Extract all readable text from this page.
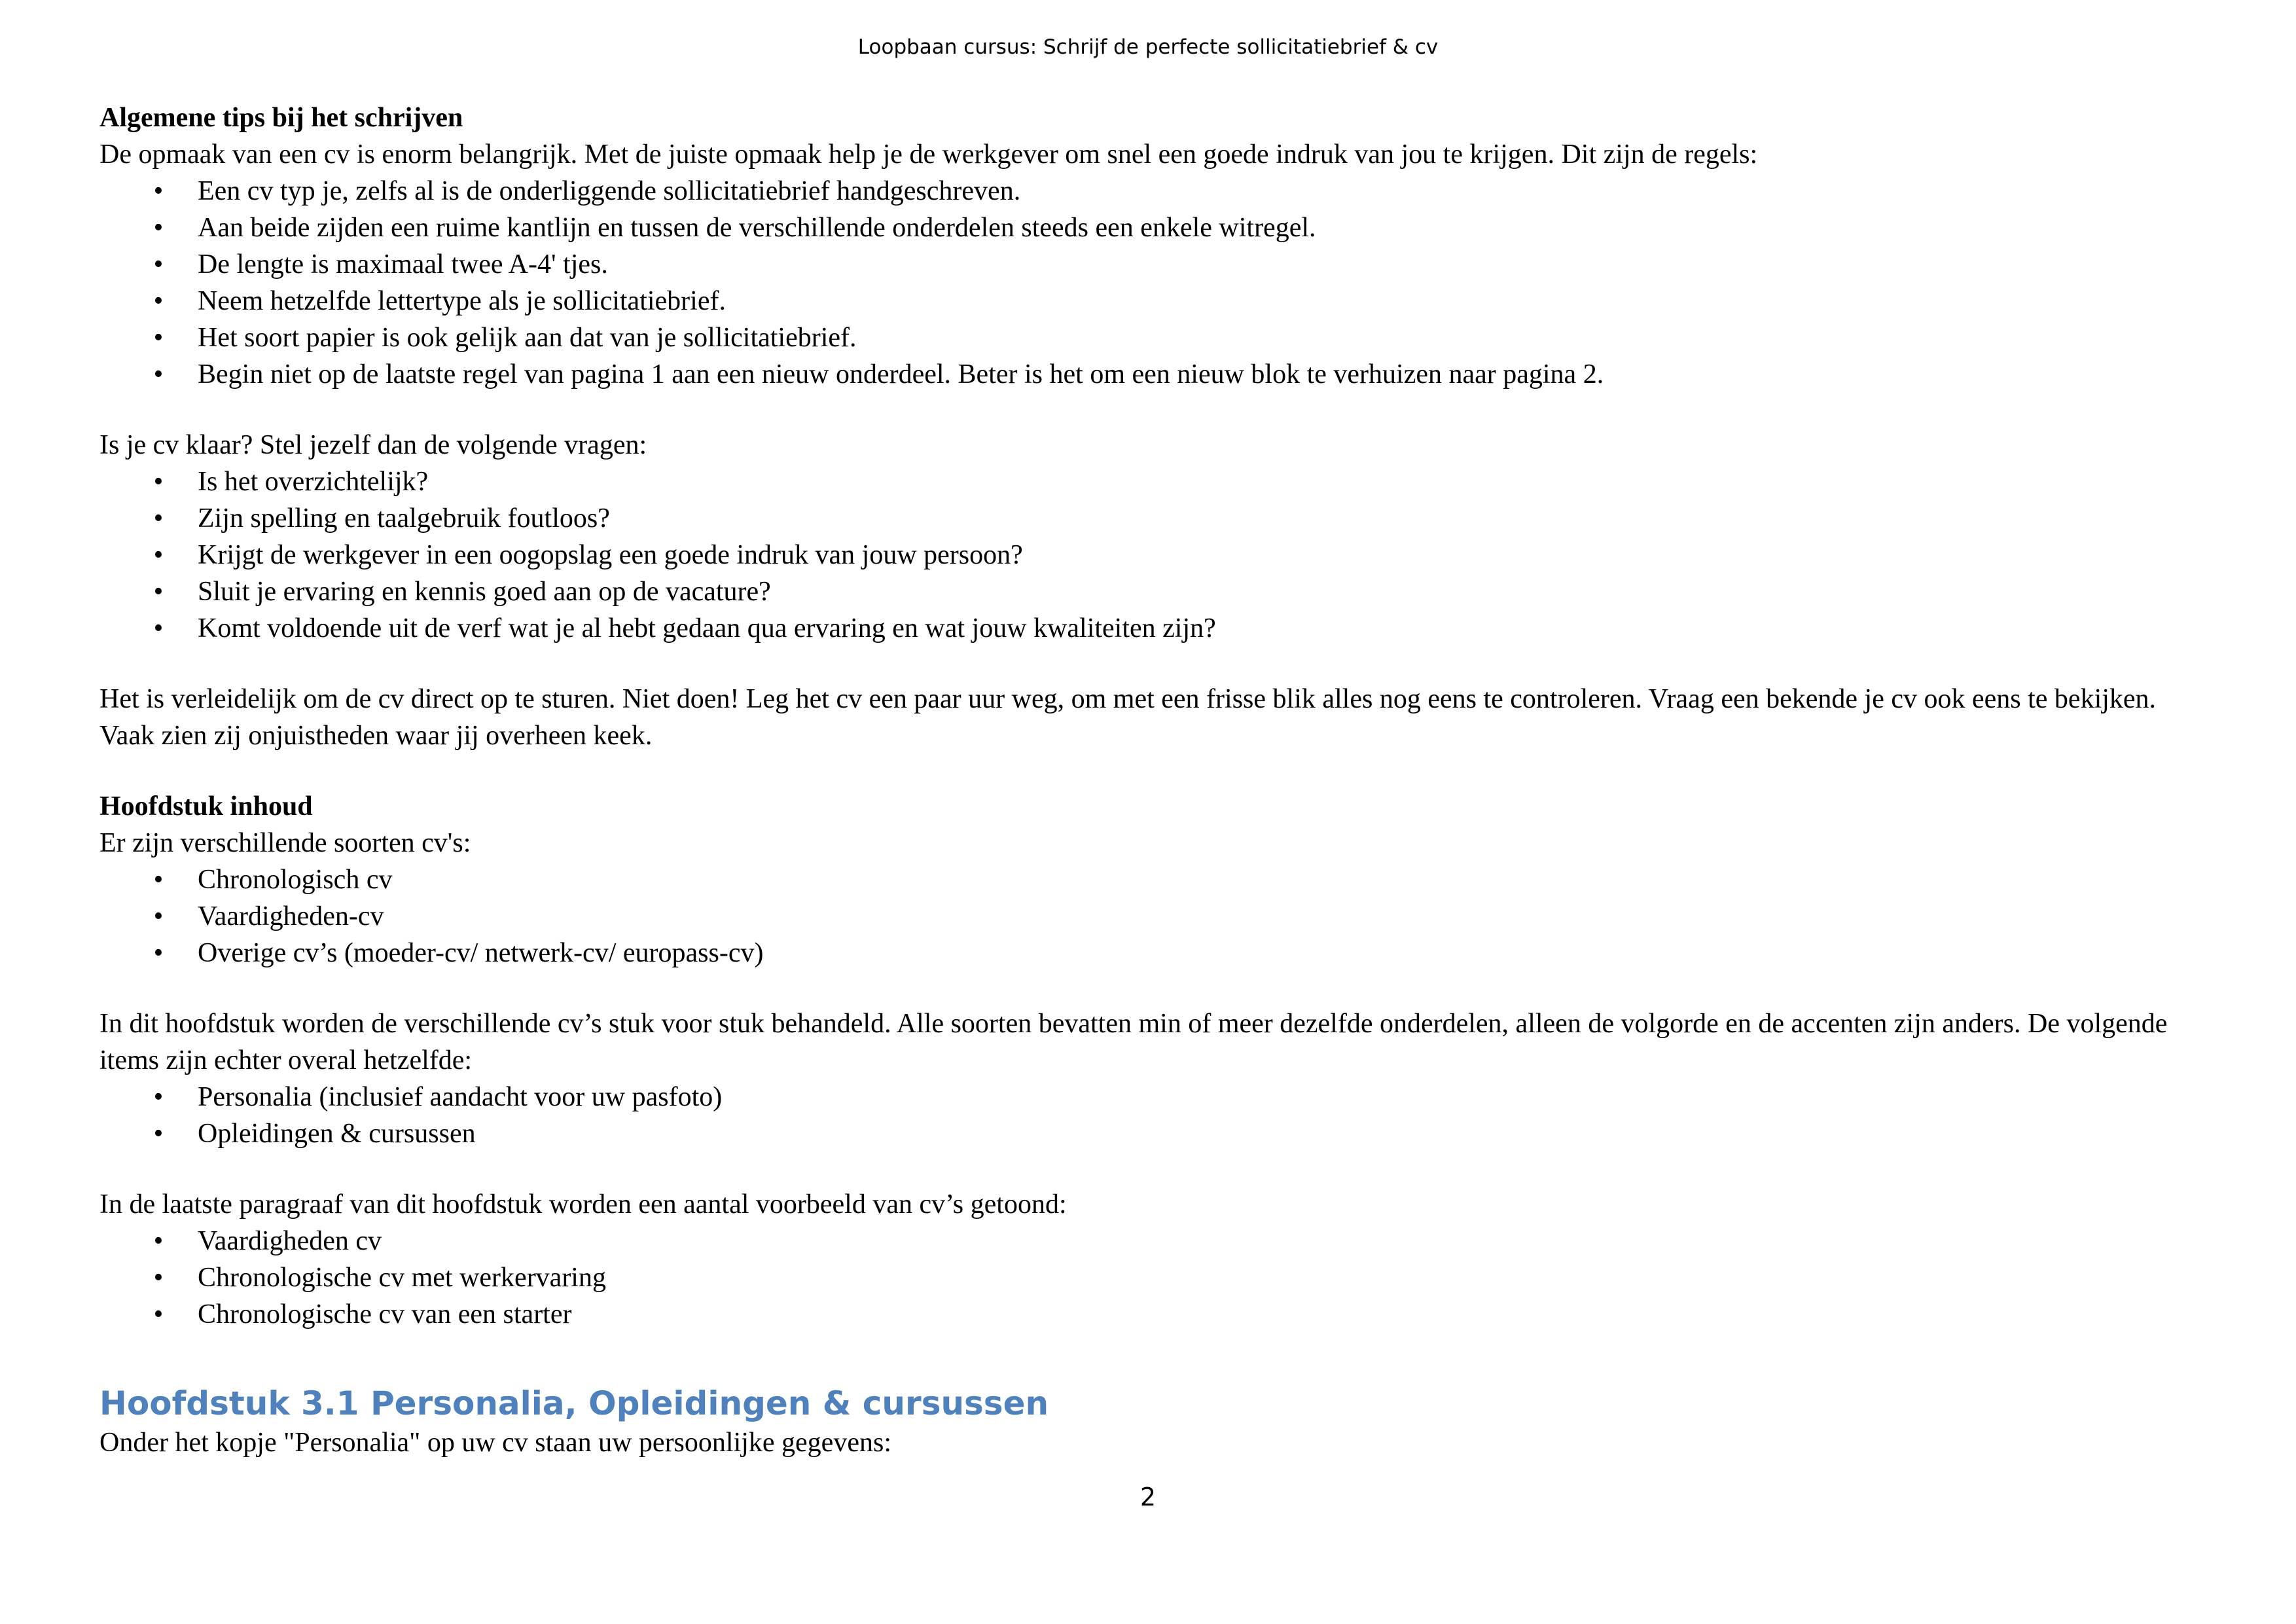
Loopbaan cursus: Schrijf de perfecte sollicitatiebrief & cv
Algemene tips bij het schrijven

De opmaak van een cv is enorm belangrijk. Met de juiste opmaak help je de werkgever om snel een goede indruk van jou te krijgen. Dit zijn de regels:

• Een cv typ je, zelfs al is de onderliggende sollicitatiebrief handgeschreven.
• Aan beide zijden een ruime kantlijn en tussen de verschillende onderdelen steeds een enkele witregel.
• De lengte is maximaal twee A-4' tjes.
• Neem hetzelfde lettertype als je sollicitatiebrief.
• Het soort papier is ook gelijk aan dat van je sollicitatiebrief.
• Begin niet op de laatste regel van pagina 1 aan een nieuw onderdeel. Beter is het om een nieuw blok te verhuizen naar pagina 2.

Is je cv klaar? Stel jezelf dan de volgende vragen:

• Is het overzichtelijk?
• Zijn spelling en taalgebruik foutloos?
• Krijgt de werkgever in een oogopslag een goede indruk van jouw persoon?
• Sluit je ervaring en kennis goed aan op de vacature?
• Komt voldoende uit de verf wat je al hebt gedaan qua ervaring en wat jouw kwaliteiten zijn?

Het is verleidelijk om de cv direct op te sturen. Niet doen! Leg het cv een paar uur weg, om met een frisse blik alles nog eens te controleren. Vraag een bekende je cv ook eens te bekijken. Vaak zien zij onjuistheden waar jij overheen keek.

Hoofdstuk inhoud

Er zijn verschillende soorten cv's:

• Chronologisch cv
• Vaardigheden-cv
• Overige cv’s (moeder-cv/ netwerk-cv/ europass-cv)

In dit hoofdstuk worden de verschillende cv’s stuk voor stuk behandeld. Alle soorten bevatten min of meer dezelfde onderdelen, alleen de volgorde en de accenten zijn anders. De volgende items zijn echter overal hetzelfde:

• Personalia (inclusief aandacht voor uw pasfoto)
• Opleidingen & cursussen

In de laatste paragraaf van dit hoofdstuk worden een aantal voorbeeld van cv’s getoond:

• Vaardigheden cv
• Chronologische cv met werkervaring
• Chronologische cv van een starter
Hoofdstuk 3.1 Personalia, Opleidingen & cursussen

Onder het kopje "Personalia" op uw cv staan uw persoonlijke gegevens:

2
